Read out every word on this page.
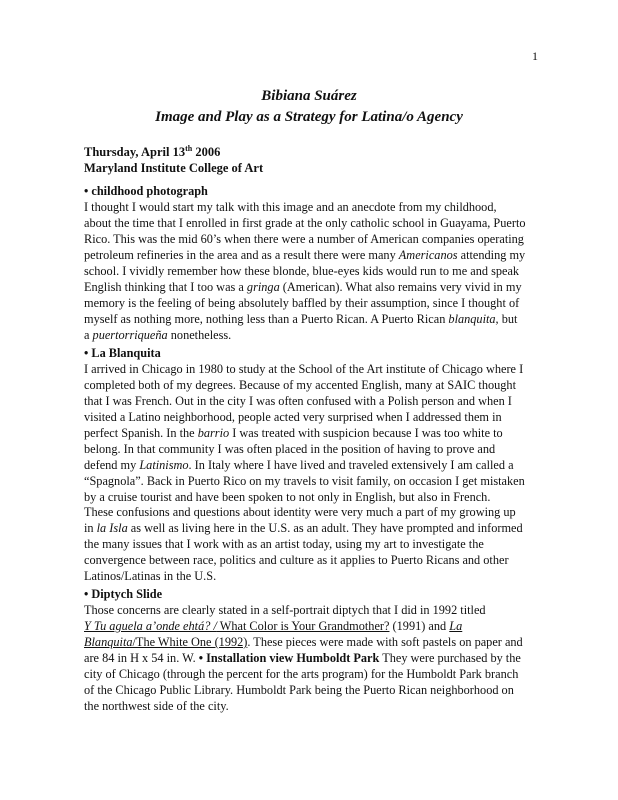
1
Bibiana Suárez
Image and Play as a Strategy for Latina/o Agency
Thursday, April 13th 2006
Maryland Institute College of Art
• childhood photograph
I thought I would start my talk with this image and an anecdote from my childhood,
about the time that I enrolled in first grade at the only catholic school in Guayama, Puerto
Rico. This was the mid 60’s when there were a number of American companies operating
petroleum refineries in the area and as a result there were many Americanos attending my
school. I vividly remember how these blonde, blue-eyes kids would run to me and speak
English thinking that I too was a gringa (American). What also remains very vivid in my
memory is the feeling of being absolutely baffled by their assumption, since I thought of
myself as nothing more, nothing less than a Puerto Rican. A Puerto Rican blanquita, but
a puertorriqueña nonetheless.
• La Blanquita
I arrived in Chicago in 1980 to study at the School of the Art institute of Chicago where I
completed both of my degrees. Because of my accented English, many at SAIC thought
that I was French. Out in the city I was often confused with a Polish person and when I
visited a Latino neighborhood, people acted very surprised when I addressed them in
perfect Spanish. In the barrio I was treated with suspicion because I was too white to
belong. In that community I was often placed in the position of having to prove and
defend my Latinismo. In Italy where I have lived and traveled extensively I am called a
“Spagnola”. Back in Puerto Rico on my travels to visit family, on occasion I get mistaken
by a cruise tourist and have been spoken to not only in English, but also in French.
These confusions and questions about identity were very much a part of my growing up
in la Isla as well as living here in the U.S. as an adult. They have prompted and informed
the many issues that I work with as an artist today, using my art to investigate the
convergence between race, politics and culture as it applies to Puerto Ricans and other
Latinos/Latinas in the U.S.
• Diptych Slide
Those concerns are clearly stated in a self-portrait diptych that I did in 1992 titled
Y Tu aguela a’onde ehtá? / What Color is Your Grandmother? (1991) and La
Blanquita/The White One (1992). These pieces were made with soft pastels on paper and
are 84 in H x 54 in. W. • Installation view Humboldt Park They were purchased by the
city of Chicago (through the percent for the arts program) for the Humboldt Park branch
of the Chicago Public Library. Humboldt Park being the Puerto Rican neighborhood on
the northwest side of the city.
